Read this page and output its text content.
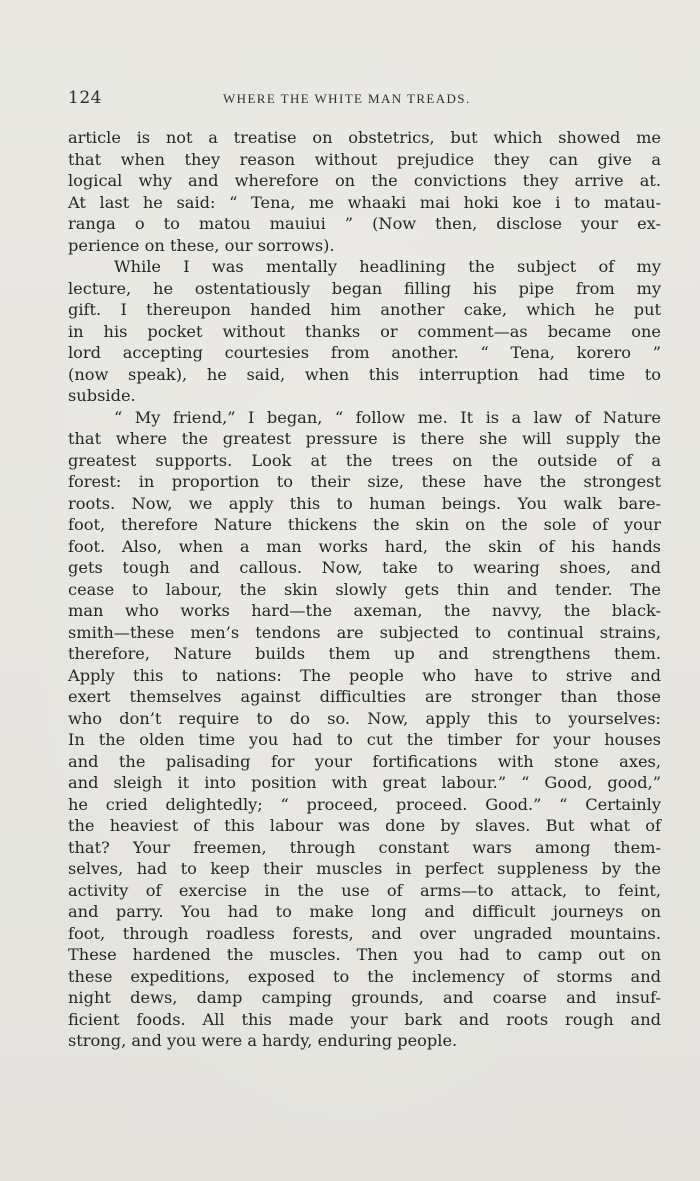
124	WHERE THE WHITE MAN TREADS.
article is not a treatise on obstetrics, but which showed me
that when they reason without prejudice they can give a
logical why and wherefore on the convictions they arrive at.
At last he said: “ Tena, me whaaki mai hoki koe i to matau-
ranga o to matou mauiui ” (Now then, disclose your ex-
perience on these, our sorrows).
While I was mentally headlining the subject of my
lecture, he ostentatiously began filling his pipe from my
gift. I thereupon handed him another cake, which he put
in his pocket without thanks or comment—as became one
lord accepting courtesies from another. “ Tena, korero ”
(now speak), he said, when this interruption had time to
subside.
“ My friend,” I began, “ follow me. It is a law of Nature
that where the greatest pressure is there she will supply the
greatest supports. Look at the trees on the outside of a
forest: in proportion to their size, these have the strongest
roots. Now, we apply this to human beings. You walk bare-
foot, therefore Nature thickens the skin on the sole of your
foot. Also, when a man works hard, the skin of his hands
gets tough and callous. Now, take to wearing shoes, and
cease to labour, the skin slowly gets thin and tender. The
man who works hard—the axeman, the navvy, the black-
smith—these men’s tendons are subjected to continual strains,
therefore, Nature builds them up and strengthens them.
Apply this to nations: The people who have to strive and
exert themselves against difficulties are stronger than those
who don’t require to do so. Now, apply this to yourselves:
In the olden time you had to cut the timber for your houses
and the palisading for your fortifications with stone axes,
and sleigh it into position with great labour.” “ Good, good,”
he cried delightedly; “ proceed, proceed. Good.” “ Certainly
the heaviest of this labour was done by slaves. But what of
that? Your freemen, through constant wars among them-
selves, had to keep their muscles in perfect suppleness by the
activity of exercise in the use of arms—to attack, to feint,
and parry. You had to make long and difficult journeys on
foot, through roadless forests, and over ungraded mountains.
These hardened the muscles. Then you had to camp out on
these expeditions, exposed to the inclemency of storms and
night dews, damp camping grounds, and coarse and insuf-
ficient foods. All this made your bark and roots rough and
strong, and you were a hardy, enduring people.
